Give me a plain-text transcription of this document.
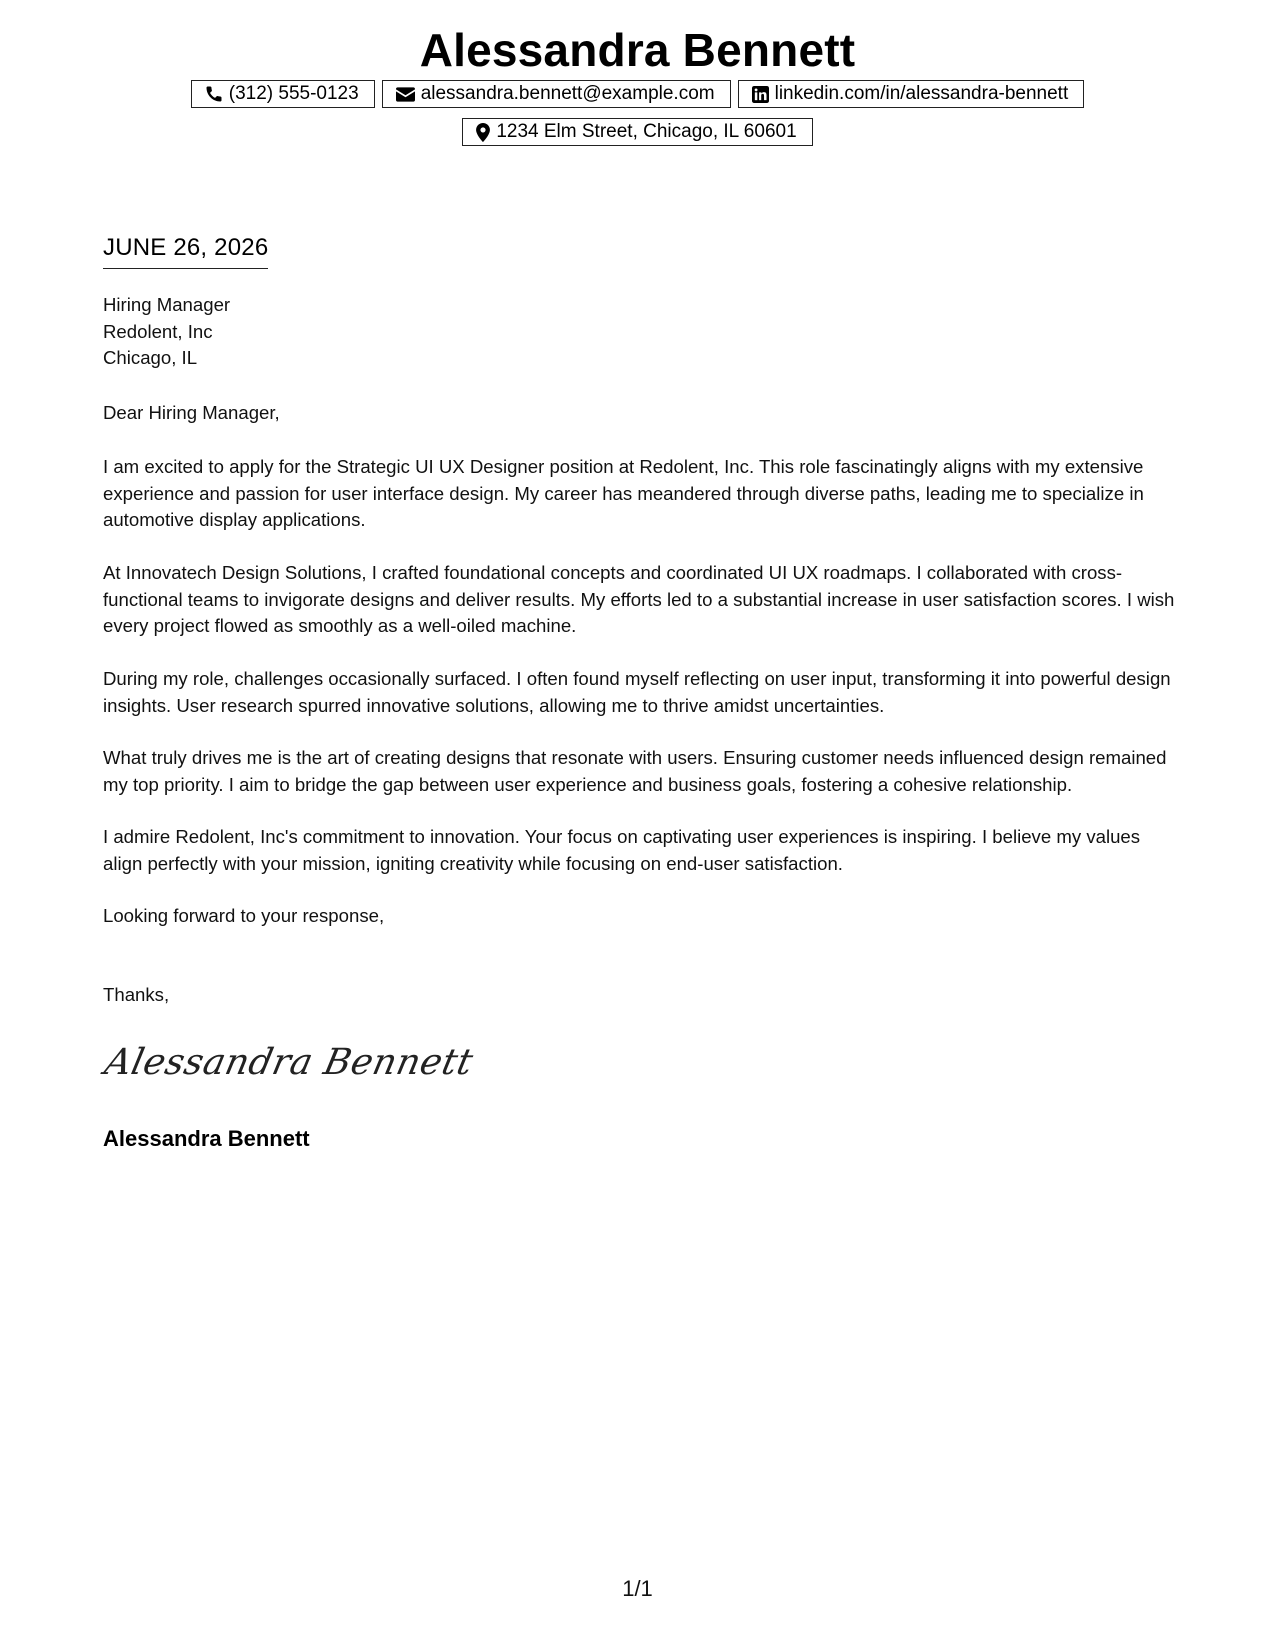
Alessandra Bennett
(312) 555-0123	alessandra.bennett@example.com	linkedin.com/in/alessandra-bennett
1234 Elm Street, Chicago, IL 60601
JUNE 26, 2026
Hiring Manager
Redolent, Inc
Chicago, IL
Dear Hiring Manager,

I am excited to apply for the Strategic UI UX Designer position at Redolent, Inc. This role fascinatingly aligns with my extensive experience and passion for user interface design. My career has meandered through diverse paths, leading me to specialize in automotive display applications.

At Innovatech Design Solutions, I crafted foundational concepts and coordinated UI UX roadmaps. I collaborated with cross-functional teams to invigorate designs and deliver results. My efforts led to a substantial increase in user satisfaction scores. I wish every project flowed as smoothly as a well-oiled machine.

During my role, challenges occasionally surfaced. I often found myself reflecting on user input, transforming it into powerful design insights. User research spurred innovative solutions, allowing me to thrive amidst uncertainties.

What truly drives me is the art of creating designs that resonate with users. Ensuring customer needs influenced design remained my top priority. I aim to bridge the gap between user experience and business goals, fostering a cohesive relationship.

I admire Redolent, Inc's commitment to innovation. Your focus on captivating user experiences is inspiring. I believe my values align perfectly with your mission, igniting creativity while focusing on end-user satisfaction.

Looking forward to your response,
Thanks,
Alessandra Bennett
Alessandra Bennett
1/1
